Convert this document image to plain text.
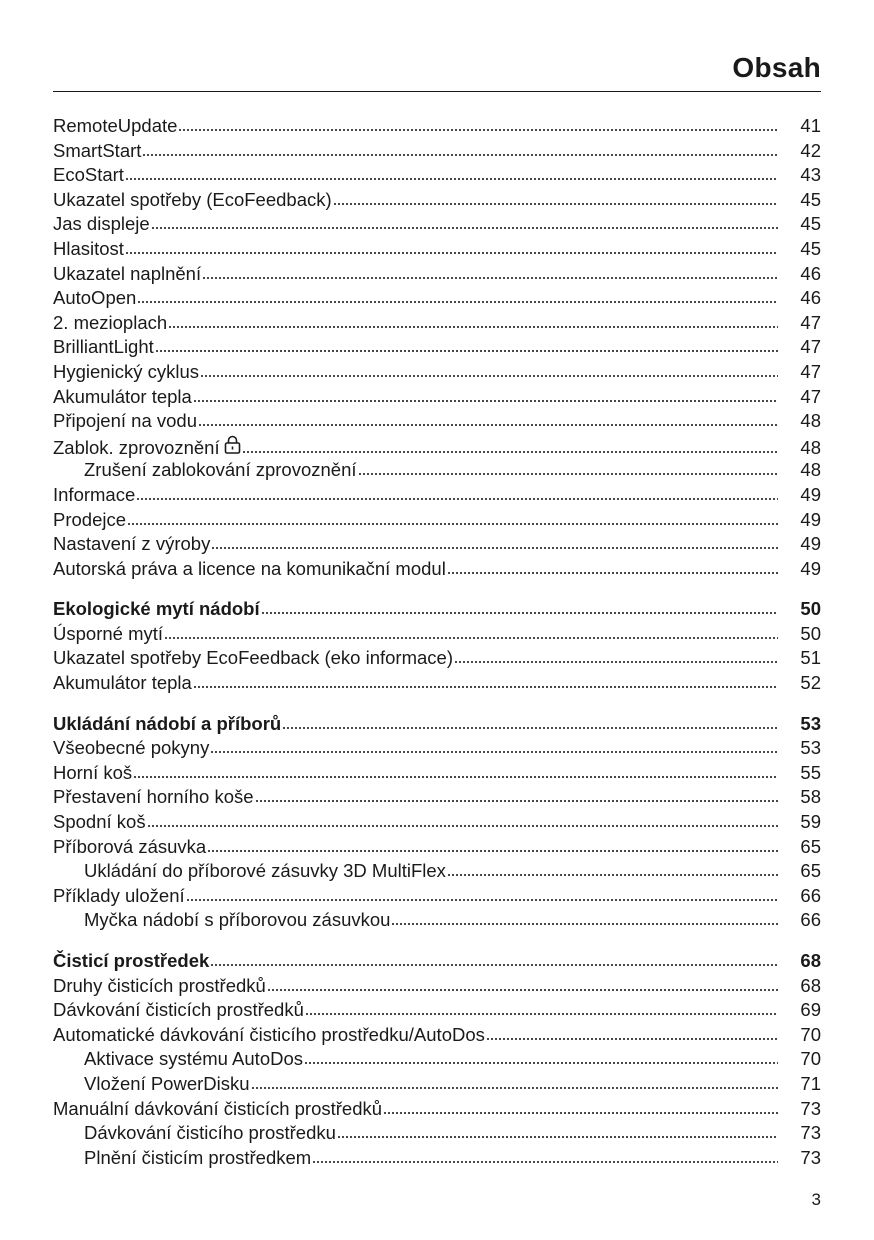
Obsah
RemoteUpdate	41
SmartStart	42
EcoStart	43
Ukazatel spotřeby (EcoFeedback)	45
Jas displeje	45
Hlasitost	45
Ukazatel naplnění	46
AutoOpen	46
2. mezioplach	47
BrilliantLight	47
Hygienický cyklus	47
Akumulátor tepla	47
Připojení na vodu	48
Zablok. zprovoznění	48
Zrušení zablokování zprovoznění	48
Informace	49
Prodejce	49
Nastavení z výroby	49
Autorská práva a licence na komunikační modul	49
Ekologické mytí nádobí	50
Úsporné mytí	50
Ukazatel spotřeby EcoFeedback (eko informace)	51
Akumulátor tepla	52
Ukládání nádobí a příborů	53
Všeobecné pokyny	53
Horní koš	55
Přestavení horního koše	58
Spodní koš	59
Příborová zásuvka	65
Ukládání do příborové zásuvky 3D MultiFlex	65
Příklady uložení	66
Myčka nádobí s příborovou zásuvkou	66
Čisticí prostředek	68
Druhy čisticích prostředků	68
Dávkování čisticích prostředků	69
Automatické dávkování čisticího prostředku/AutoDos	70
Aktivace systému AutoDos	70
Vložení PowerDisku	71
Manuální dávkování čisticích prostředků	73
Dávkování čisticího prostředku	73
Plnění čisticím prostředkem	73
3
